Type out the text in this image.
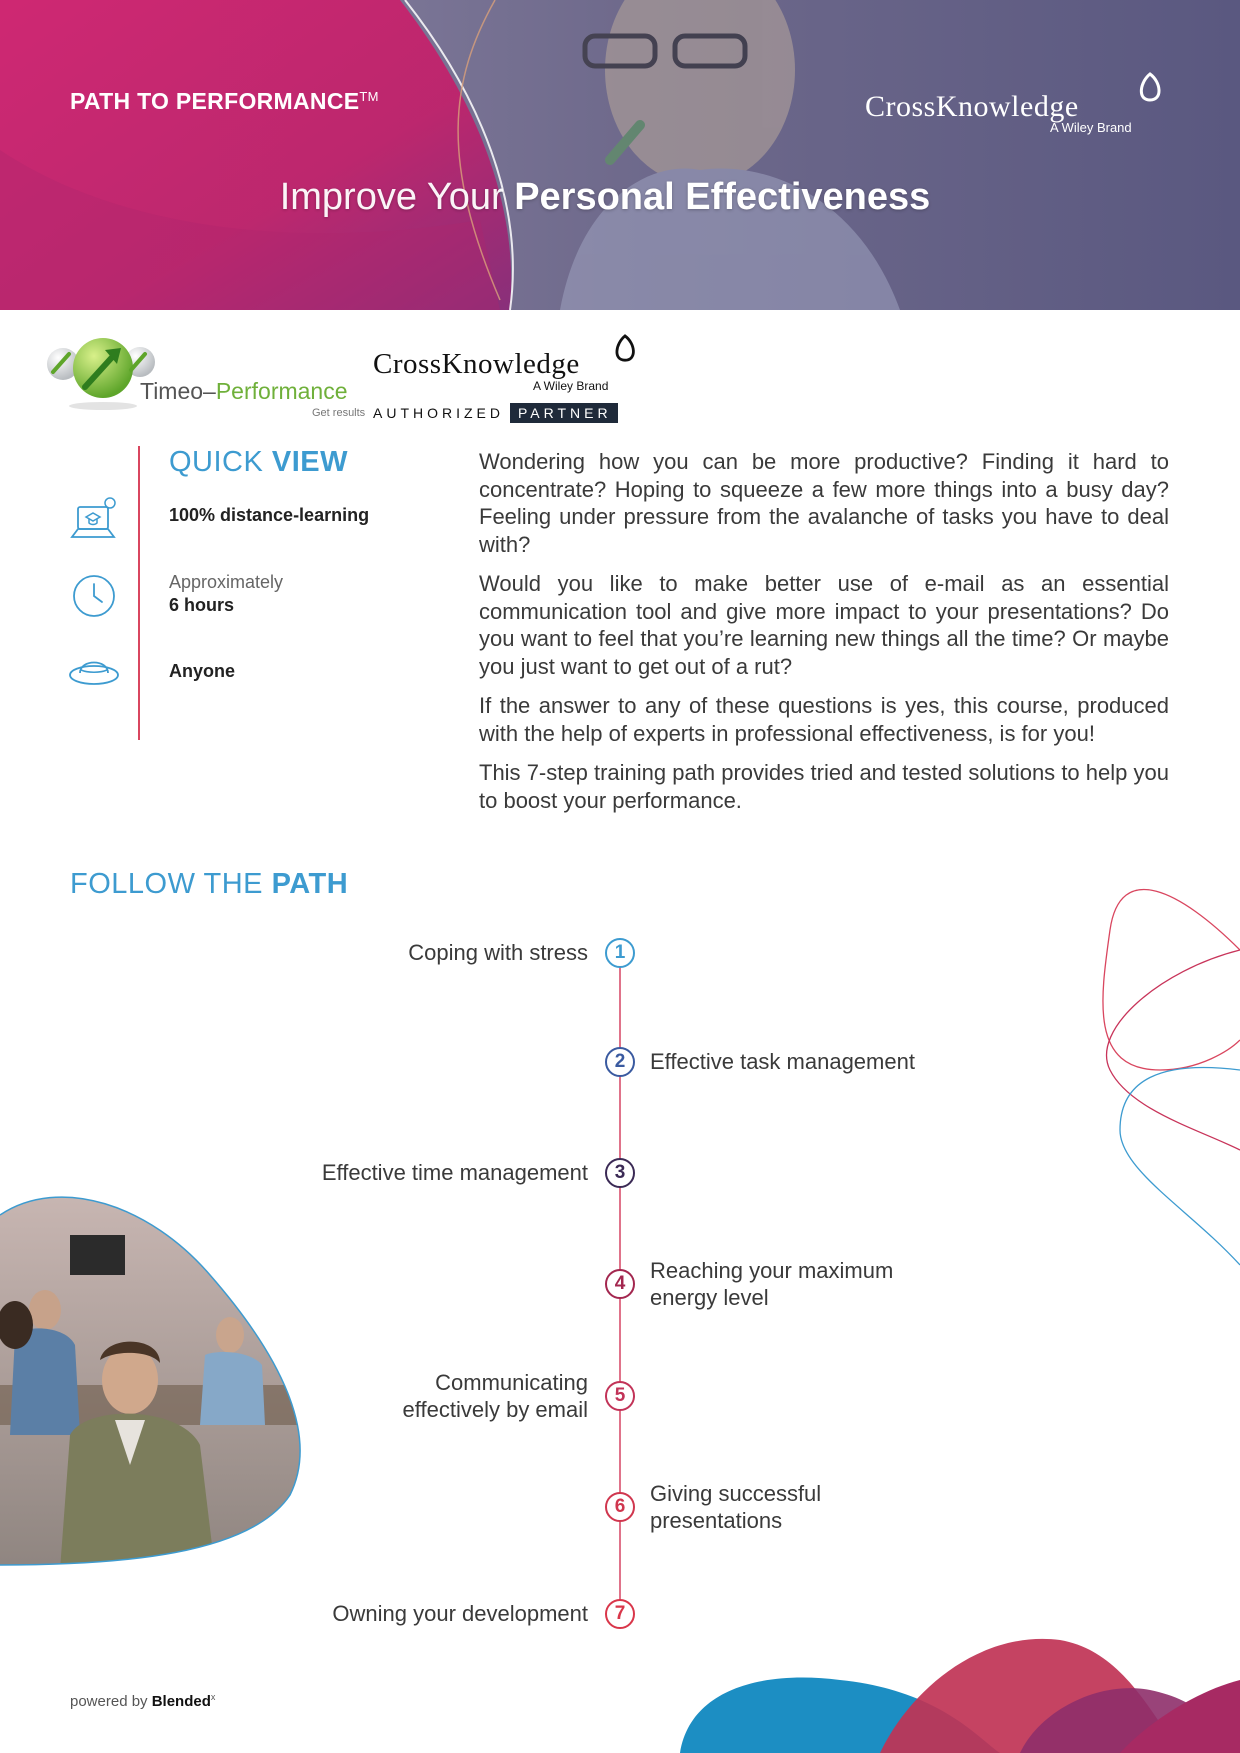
PATH TO PERFORMANCE™	CrossKnowledge
A Wiley Brand
Improve Your Personal Effectiveness
Timeo–Performance
Get results
CrossKnowledge
A Wiley Brand
AUTHORIZED	PARTNER
QUICK VIEW
100% distance-learning
Approximately
6 hours
Anyone

Wondering how you can be more productive? Finding it hard to concentrate? Hoping to squeeze a few more things into a busy day? Feeling under pressure from the avalanche of tasks you have to deal with?

Would you like to make better use of e-mail as an essential communication tool and give more impact to your presentations? Do you want to feel that you’re learning new things all the time? Or maybe you just want to get out of a rut?

If the answer to any of these questions is yes, this course, produced with the help of experts in professional effectiveness, is for you!

This 7-step training path provides tried and tested solutions to help you to boost your performance.

FOLLOW THE PATH
1
Coping with stress
2	Effective task management
3
Effective time management
4
Reaching your maximum energy level
5
Communicating effectively by email
6
Giving successful presentations
7
Owning your development
powered by Blended$^x$
